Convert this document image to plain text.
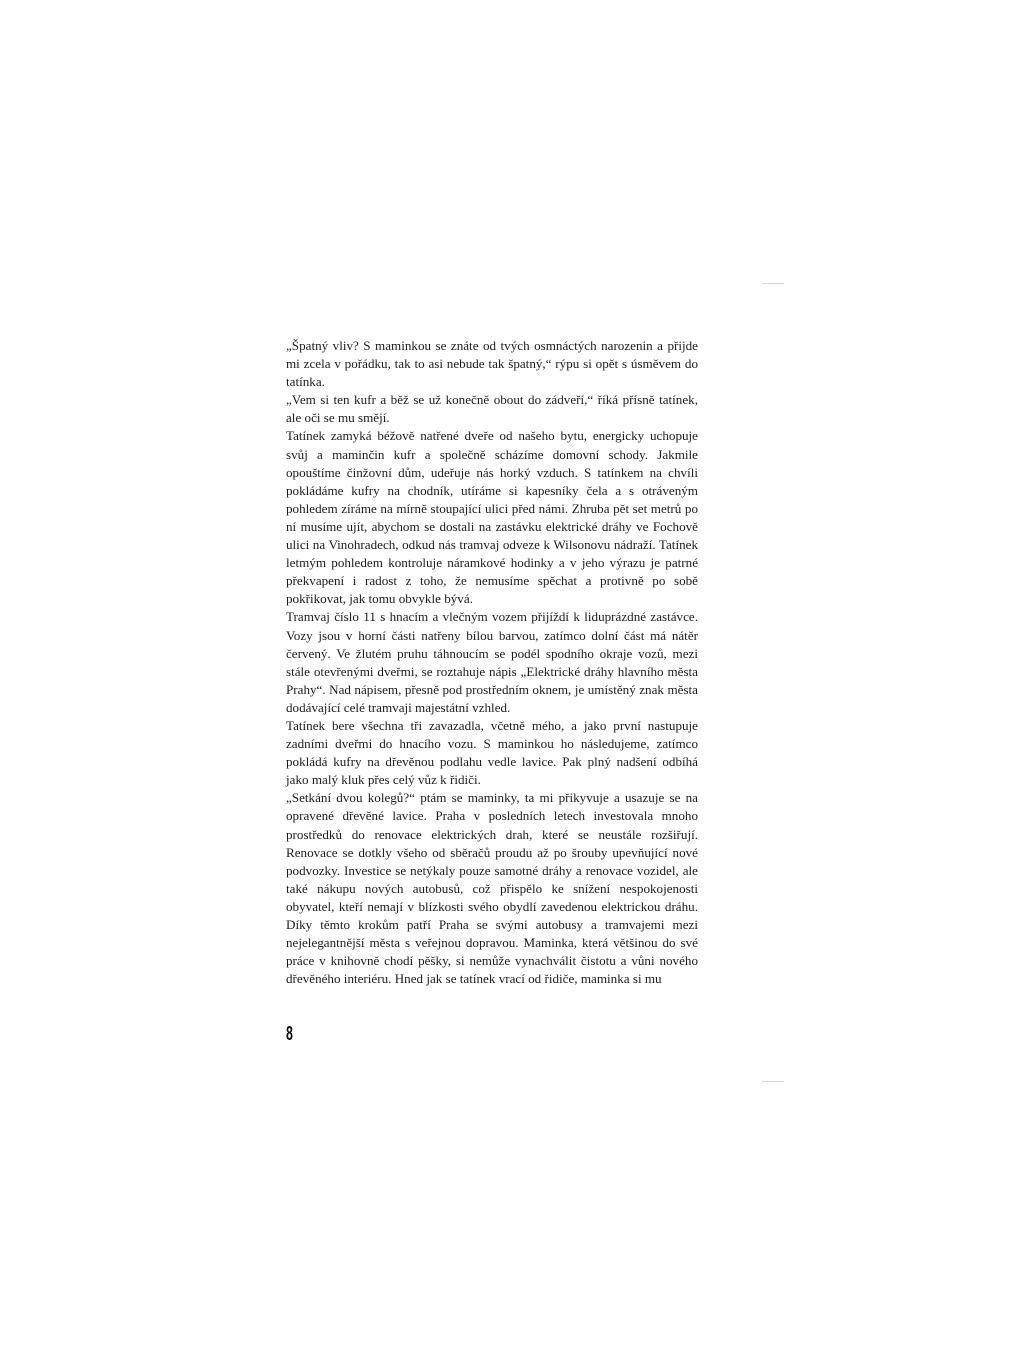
„Špatný vliv? S maminkou se znáte od tvých osmnáctých narozenin a přijde mi zcela v pořádku, tak to asi nebude tak špatný,“ rýpu si opět s úsměvem do tatínka.

„Vem si ten kufr a běž se už konečně obout do zádveří,“ říká přísně tatínek, ale oči se mu smějí.

Tatínek zamyká béžově natřené dveře od našeho bytu, energicky uchopuje svůj a maminčin kufr a společně scházíme domovní schody. Jakmile opouštíme činžovní dům, udeřuje nás horký vzduch. S tatínkem na chvíli pokládáme kufry na chodník, utíráme si kapesníky čela a s otráveným pohledem zíráme na mírně stoupající ulici před námi. Zhruba pět set metrů po ní musíme ujít, abychom se dostali na zastávku elektrické dráhy ve Fochově ulici na Vinohradech, odkud nás tramvaj odveze k Wilsonovu nádraží. Tatínek letmým pohledem kontroluje náramkové hodinky a v jeho výrazu je patrné překvapení i radost z toho, že nemusíme spěchat a protivně po sobě pokřikovat, jak tomu obvykle bývá.

Tramvaj číslo 11 s hnacím a vlečným vozem přijíždí k liduprázdné zastávce. Vozy jsou v horní části natřeny bílou barvou, zatímco dolní část má nátěr červený. Ve žlutém pruhu táhnoucím se podél spodního okraje vozů, mezi stále otevřenými dveřmi, se roztahuje nápis „Elektrické dráhy hlavního města Prahy“. Nad nápisem, přesně pod prostředním oknem, je umístěný znak města dodávající celé tramvaji majestátní vzhled.

Tatínek bere všechna tři zavazadla, včetně mého, a jako první nastupuje zadními dveřmi do hnacího vozu. S maminkou ho následujeme, zatímco pokládá kufry na dřevěnou podlahu vedle lavice. Pak plný nadšení odbíhá jako malý kluk přes celý vůz k řidiči.

„Setkání dvou kolegů?“ ptám se maminky, ta mi přikyvuje a usazuje se na opravené dřevěné lavice. Praha v posledních letech investovala mnoho prostředků do renovace elektrických drah, které se neustále rozšiřují. Renovace se dotkly všeho od sběračů proudu až po šrouby upevňující nové podvozky. Investice se netýkaly pouze samotné dráhy a renovace vozidel, ale také nákupu nových autobusů, což přispělo ke snížení nespokojenosti obyvatel, kteří nemají v blízkosti svého obydlí zavedenou elektrickou dráhu. Díky těmto krokům patří Praha se svými autobusy a tramvajemi mezi nejelegantnější města s veřejnou dopravou. Maminka, která většinou do své práce v knihovně chodí pěšky, si nemůže vynachválit čistotu a vůni nového dřevěného interiéru. Hned jak se tatínek vrací od řidiče, maminka si mu

8
